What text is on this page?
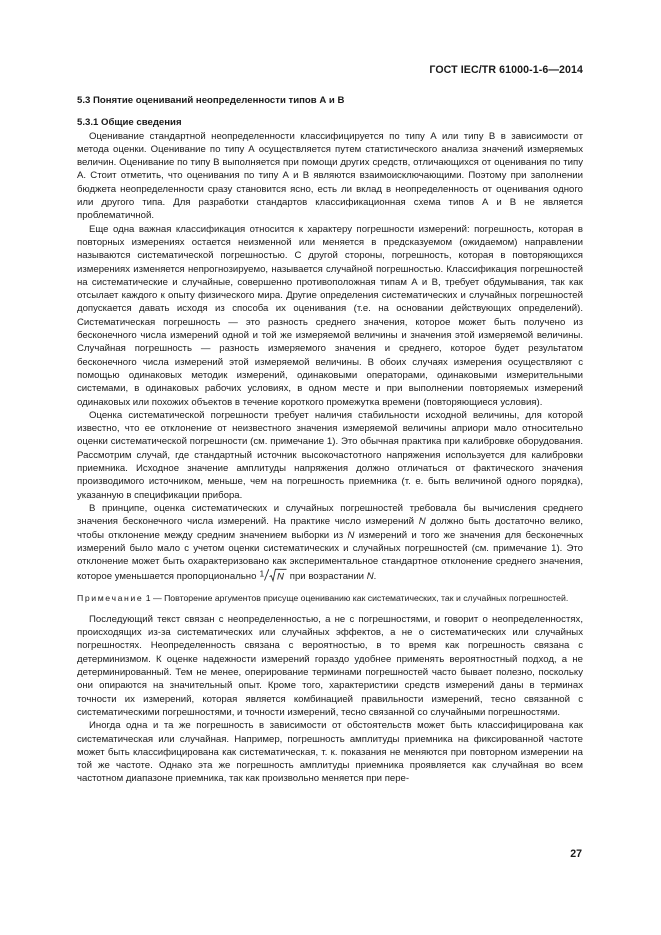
ГОСТ IEC/TR 61000-1-6—2014
5.3 Понятие оцениваний неопределенности типов А и В
5.3.1 Общие сведения

Оценивание стандартной неопределенности классифицируется по типу А или типу В в зависимости от метода оценки. Оценивание по типу А осуществляется путем статистического анализа значений измеряемых величин. Оценивание по типу В выполняется при помощи других средств, отличающихся от оценивания по типу А. Стоит отметить, что оценивания по типу А и В являются взаимоисключающими. Поэтому при заполнении бюджета неопределенности сразу становится ясно, есть ли вклад в неопределенность от оценивания одного или другого типа. Для разработки стандартов классификационная схема типов А и В не является проблематичной.

Еще одна важная классификация относится к характеру погрешности измерений: погрешность, которая в повторных измерениях остается неизменной или меняется в предсказуемом (ожидаемом) направлении называются систематической погрешностью. С другой стороны, погрешность, которая в повторяющихся измерениях изменяется непрогнозируемо, называется случайной погрешностью. Классификация погрешностей на систематические и случайные, совершенно противоположная типам А и В, требует обдумывания, так как отсылает каждого к опыту физического мира. Другие определения систематических и случайных погрешностей допускается давать исходя из способа их оценивания (т.е. на основании действующих определений). Систематическая погрешность — это разность среднего значения, которое может быть получено из бесконечного числа измерений одной и той же измеряемой величины и значения этой измеряемой величины. Случайная погрешность — разность измеряемого значения и среднего, которое будет результатом бесконечного числа измерений этой измеряемой величины. В обоих случаях измерения осуществляют с помощью одинаковых методик измерений, одинаковыми операторами, одинаковыми измерительными системами, в одинаковых рабочих условиях, в одном месте и при выполнении повторяемых измерений одинаковых или похожих объектов в течение короткого промежутка времени (повторяющиеся условия).

Оценка систематической погрешности требует наличия стабильности исходной величины, для которой известно, что ее отклонение от неизвестного значения измеряемой величины априори мало относительно оценки систематической погрешности (см. примечание 1). Это обычная практика при калибровке оборудования. Рассмотрим случай, где стандартный источник высокочастотного напряжения используется для калибровки приемника. Исходное значение амплитуды напряжения должно отличаться от фактического значения производимого источником, меньше, чем на погрешность приемника (т. е. быть величиной одного порядка), указанную в спецификации прибора.

В принципе, оценка систематических и случайных погрешностей требовала бы вычисления среднего значения бесконечного числа измерений. На практике число измерений N должно быть достаточно велико, чтобы отклонение между средним значением выборки из N измерений и того же значения для бесконечных измерений было мало с учетом оценки систематических и случайных погрешностей (см. примечание 1). Это отклонение может быть охарактеризовано как экспериментальное стандартное отклонение среднего значения, которое уменьшается пропорционально 1 N при возрастании N.

Примечание 1 — Повторение аргументов присуще оцениванию как систематических, так и случайных погрешностей.

Последующий текст связан с неопределенностью, а не с погрешностями, и говорит о неопределенностях, происходящих из-за систематических или случайных эффектов, а не о систематических или случайных погрешностях. Неопределенность связана с вероятностью, в то время как погрешность связана с детерминизмом. К оценке надежности измерений гораздо удобнее применять вероятностный подход, а не детерминированный. Тем не менее, оперирование терминами погрешностей часто бывает полезно, поскольку они опираются на значительный опыт. Кроме того, характеристики средств измерений даны в терминах точности их измерений, которая является комбинацией правильности измерений, тесно связанной с систематическими погрешностями, и точности измерений, тесно связанной со случайными погрешностями.

Иногда одна и та же погрешность в зависимости от обстоятельств может быть классифицирована как систематическая или случайная. Например, погрешность амплитуды приемника на фиксированной частоте может быть классифицирована как систематическая, т. к. показания не меняются при повторном измерении на той же частоте. Однако эта же погрешность амплитуды приемника проявляется как случайная во всем частотном диапазоне приемника, так как произвольно меняется при пере-

27
